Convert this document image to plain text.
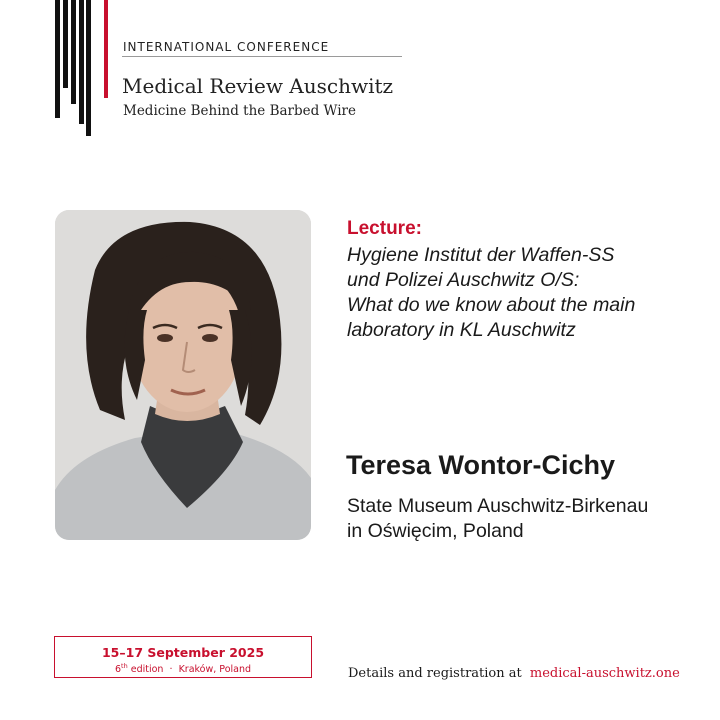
INTERNATIONAL CONFERENCE
Medical Review Auschwitz
Medicine Behind the Barbed Wire
Lecture:
Hygiene Institut der Waffen-SS
und Polizei Auschwitz O/S:
What do we know about the main
laboratory in KL Auschwitz
Teresa Wontor-Cichy
State Museum Auschwitz-Birkenau
in Oświęcim, Poland
15–17 September 2025
6th edition · Kraków, Poland	Details and registration at medical-auschwitz.one
